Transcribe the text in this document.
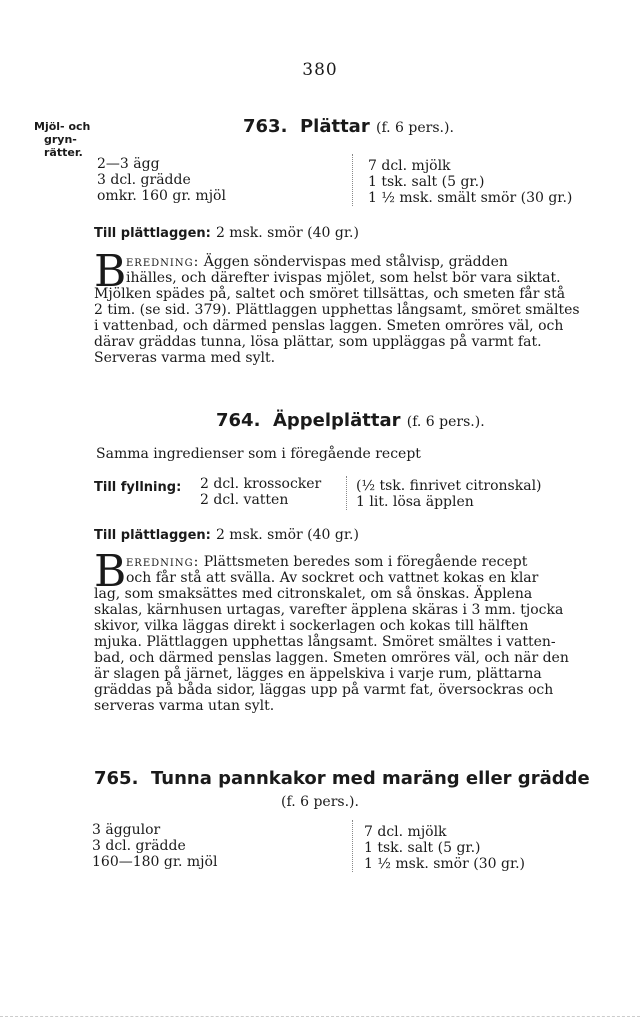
380
Mjöl- och
gryn-
rätter.
763. Plättar (f. 6 pers.).
2—3 ägg
3 dcl. grädde
omkr. 160 gr. mjöl
7 dcl. mjölk
1 tsk. salt (5 gr.)
1 ½ msk. smält smör (30 gr.)
Till plättlaggen: 2 msk. smör (40 gr.)
B eredning: Äggen söndervispas med stålvisp, grädden
ihälles, och därefter ivispas mjölet, som helst bör vara siktat.
Mjölken spädes på, saltet och smöret tillsättas, och smeten får stå
2 tim. (se sid. 379). Plättlaggen upphettas långsamt, smöret smältes
i vattenbad, och därmed penslas laggen. Smeten omröres väl, och
därav gräddas tunna, lösa plättar, som uppläggas på varmt fat.
Serveras varma med sylt.
764. Äppelplättar (f. 6 pers.).
Samma ingredienser som i föregående recept
Till fyllning: 2 dcl. krossocker
2 dcl. vatten
(½ tsk. finrivet citronskal)
1 lit. lösa äpplen
Till plättlaggen: 2 msk. smör (40 gr.)
B eredning: Plättsmeten beredes som i föregående recept
och får stå att svälla. Av sockret och vattnet kokas en klar
lag, som smaksättes med citronskalet, om så önskas. Äpplena
skalas, kärnhusen urtagas, varefter äpplena skäras i 3 mm. tjocka
skivor, vilka läggas direkt i sockerlagen och kokas till hälften
mjuka. Plättlaggen upphettas långsamt. Smöret smältes i vatten-
bad, och därmed penslas laggen. Smeten omröres väl, och när den
är slagen på järnet, lägges en äppelskiva i varje rum, plättarna
gräddas på båda sidor, läggas upp på varmt fat, översockras och
serveras varma utan sylt.
765. Tunna pannkakor med maräng eller grädde
(f. 6 pers.).
3 äggulor
3 dcl. grädde
160—180 gr. mjöl
7 dcl. mjölk
1 tsk. salt (5 gr.)
1 ½ msk. smör (30 gr.)
